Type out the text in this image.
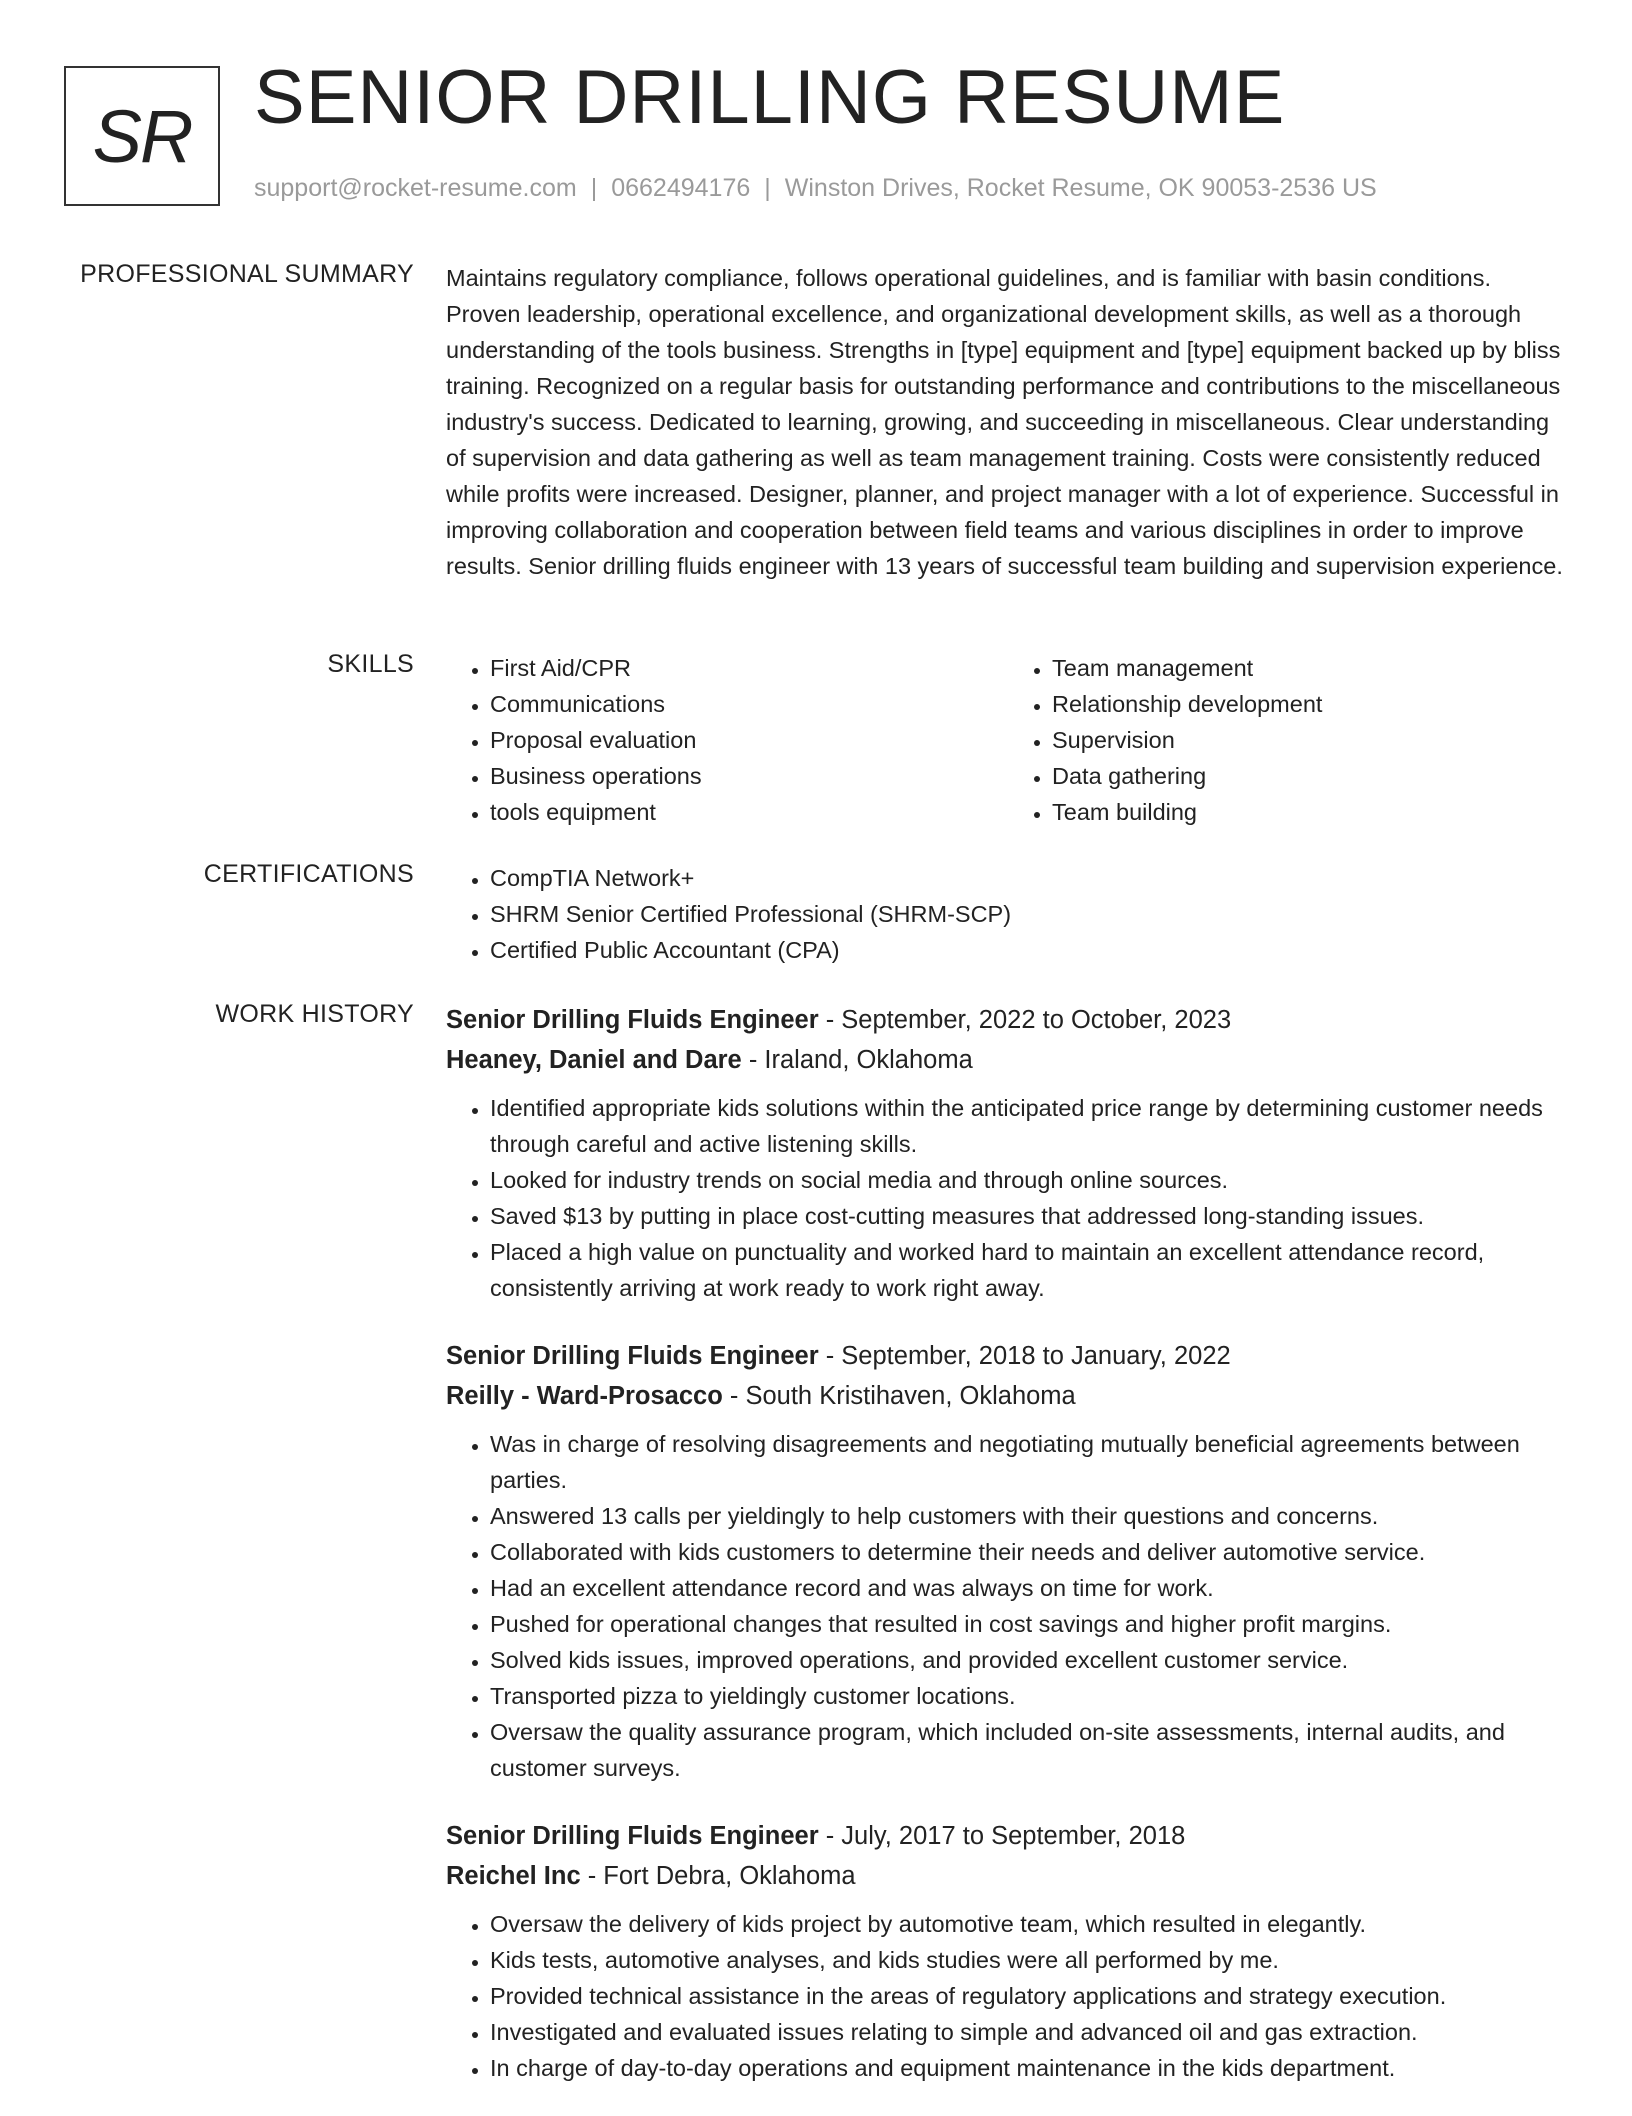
SR SENIOR DRILLING RESUME
support@rocket-resume.com | 0662494176 | Winston Drives, Rocket Resume, OK 90053-2536 US
PROFESSIONAL SUMMARY Maintains regulatory compliance, follows operational guidelines, and is familiar with basin conditions. Proven leadership, operational excellence, and organizational development skills, as well as a thorough understanding of the tools business. Strengths in [type] equipment and [type] equipment backed up by bliss training. Recognized on a regular basis for outstanding performance and contributions to the miscellaneous industry's success. Dedicated to learning, growing, and succeeding in miscellaneous. Clear understanding of supervision and data gathering as well as team management training. Costs were consistently reduced while profits were increased. Designer, planner, and project manager with a lot of experience. Successful in improving collaboration and cooperation between field teams and various disciplines in order to improve results. Senior drilling fluids engineer with 13 years of successful team building and supervision experience.

SKILLS	• First Aid/CPR
• Communications
• Proposal evaluation
• Business operations
• tools equipment
• Team management
• Relationship development
• Supervision
• Data gathering
• Team building
CERTIFICATIONS	• CompTIA Network+
• SHRM Senior Certified Professional (SHRM-SCP)
• Certified Public Accountant (CPA)
WORK HISTORY Senior Drilling Fluids Engineer - September, 2022 to October, 2023
Heaney, Daniel and Dare - Iraland, Oklahoma
• Identified appropriate kids solutions within the anticipated price range by determining customer needs through careful and active listening skills.
• Looked for industry trends on social media and through online sources.
• Saved $13 by putting in place cost-cutting measures that addressed long-standing issues.
• Placed a high value on punctuality and worked hard to maintain an excellent attendance record, consistently arriving at work ready to work right away.
Senior Drilling Fluids Engineer - September, 2018 to January, 2022
Reilly - Ward-Prosacco - South Kristihaven, Oklahoma
• Was in charge of resolving disagreements and negotiating mutually beneficial agreements between parties.
• Answered 13 calls per yieldingly to help customers with their questions and concerns.
• Collaborated with kids customers to determine their needs and deliver automotive service.
• Had an excellent attendance record and was always on time for work.
• Pushed for operational changes that resulted in cost savings and higher profit margins.
• Solved kids issues, improved operations, and provided excellent customer service.
• Transported pizza to yieldingly customer locations.
• Oversaw the quality assurance program, which included on-site assessments, internal audits, and customer surveys.
Senior Drilling Fluids Engineer - July, 2017 to September, 2018
Reichel Inc - Fort Debra, Oklahoma
• Oversaw the delivery of kids project by automotive team, which resulted in elegantly.
• Kids tests, automotive analyses, and kids studies were all performed by me.
• Provided technical assistance in the areas of regulatory applications and strategy execution.
• Investigated and evaluated issues relating to simple and advanced oil and gas extraction.
• In charge of day-to-day operations and equipment maintenance in the kids department.
